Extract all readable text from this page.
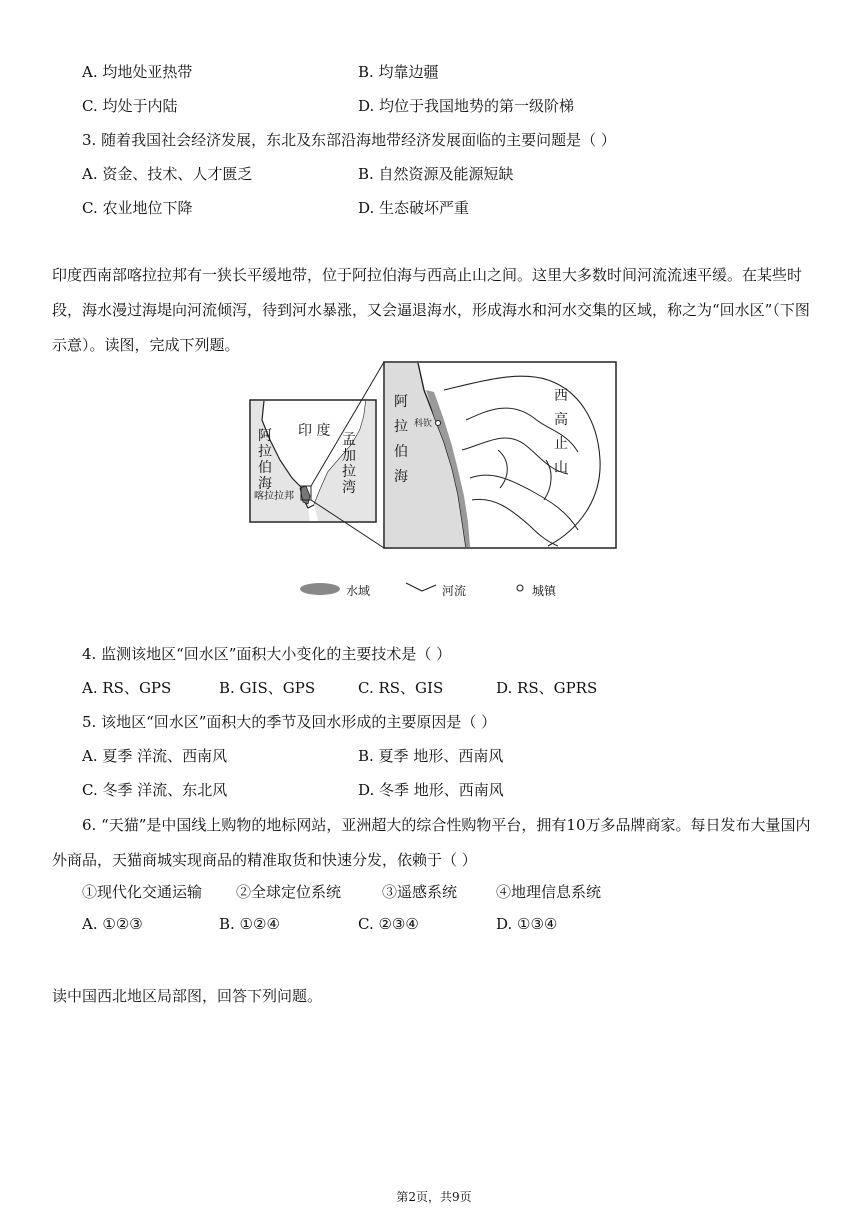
A. 均地处亚热带	B. 均靠边疆
C. 均处于内陆	D. 均位于我国地势的第一级阶梯
3. 随着我国社会经济发展，东北及东部沿海地带经济发展面临的主要问题是（ ）
A. 资金、技术、人才匮乏	B. 自然资源及能源短缺
C. 农业地位下降	D. 生态破坏严重
印度西南部喀拉拉邦有一狭长平缓地带，位于阿拉伯海与西高止山之间。这里大多数时间河流流速平缓。在某些时段，海水漫过海堤向河流倾泻，待到河水暴涨，又会逼退海水，形成海水和河水交集的区域，称之为“回水区”（下图示意）。读图，完成下列题。
印 度
阿
拉
伯
海
孟
加
拉
湾
喀拉拉邦
阿
拉
伯
海
西
高
止
山
科钦
水域	河流	城镇
4. 监测该地区“回水区”面积大小变化的主要技术是（ ）
A. RS、GPS	B. GIS、GPS	C. RS、GIS	D. RS、GPRS
5. 该地区“回水区”面积大的季节及回水形成的主要原因是（ ）
A. 夏季 洋流、西南风	B. 夏季 地形、西南风
C. 冬季 洋流、东北风	D. 冬季 地形、西南风
6. “天猫”是中国线上购物的地标网站，亚洲超大的综合性购物平台，拥有10万多品牌商家。每日发布大量国内外商品，天猫商城实现商品的精准取货和快速分发，依赖于（ ）
①现代化交通运输 ②全球定位系统	③遥感系统	④地理信息系统
A. ①②③	B. ①②④	C. ②③④	D. ①③④
读中国西北地区局部图，回答下列问题。
第2页，共9页
